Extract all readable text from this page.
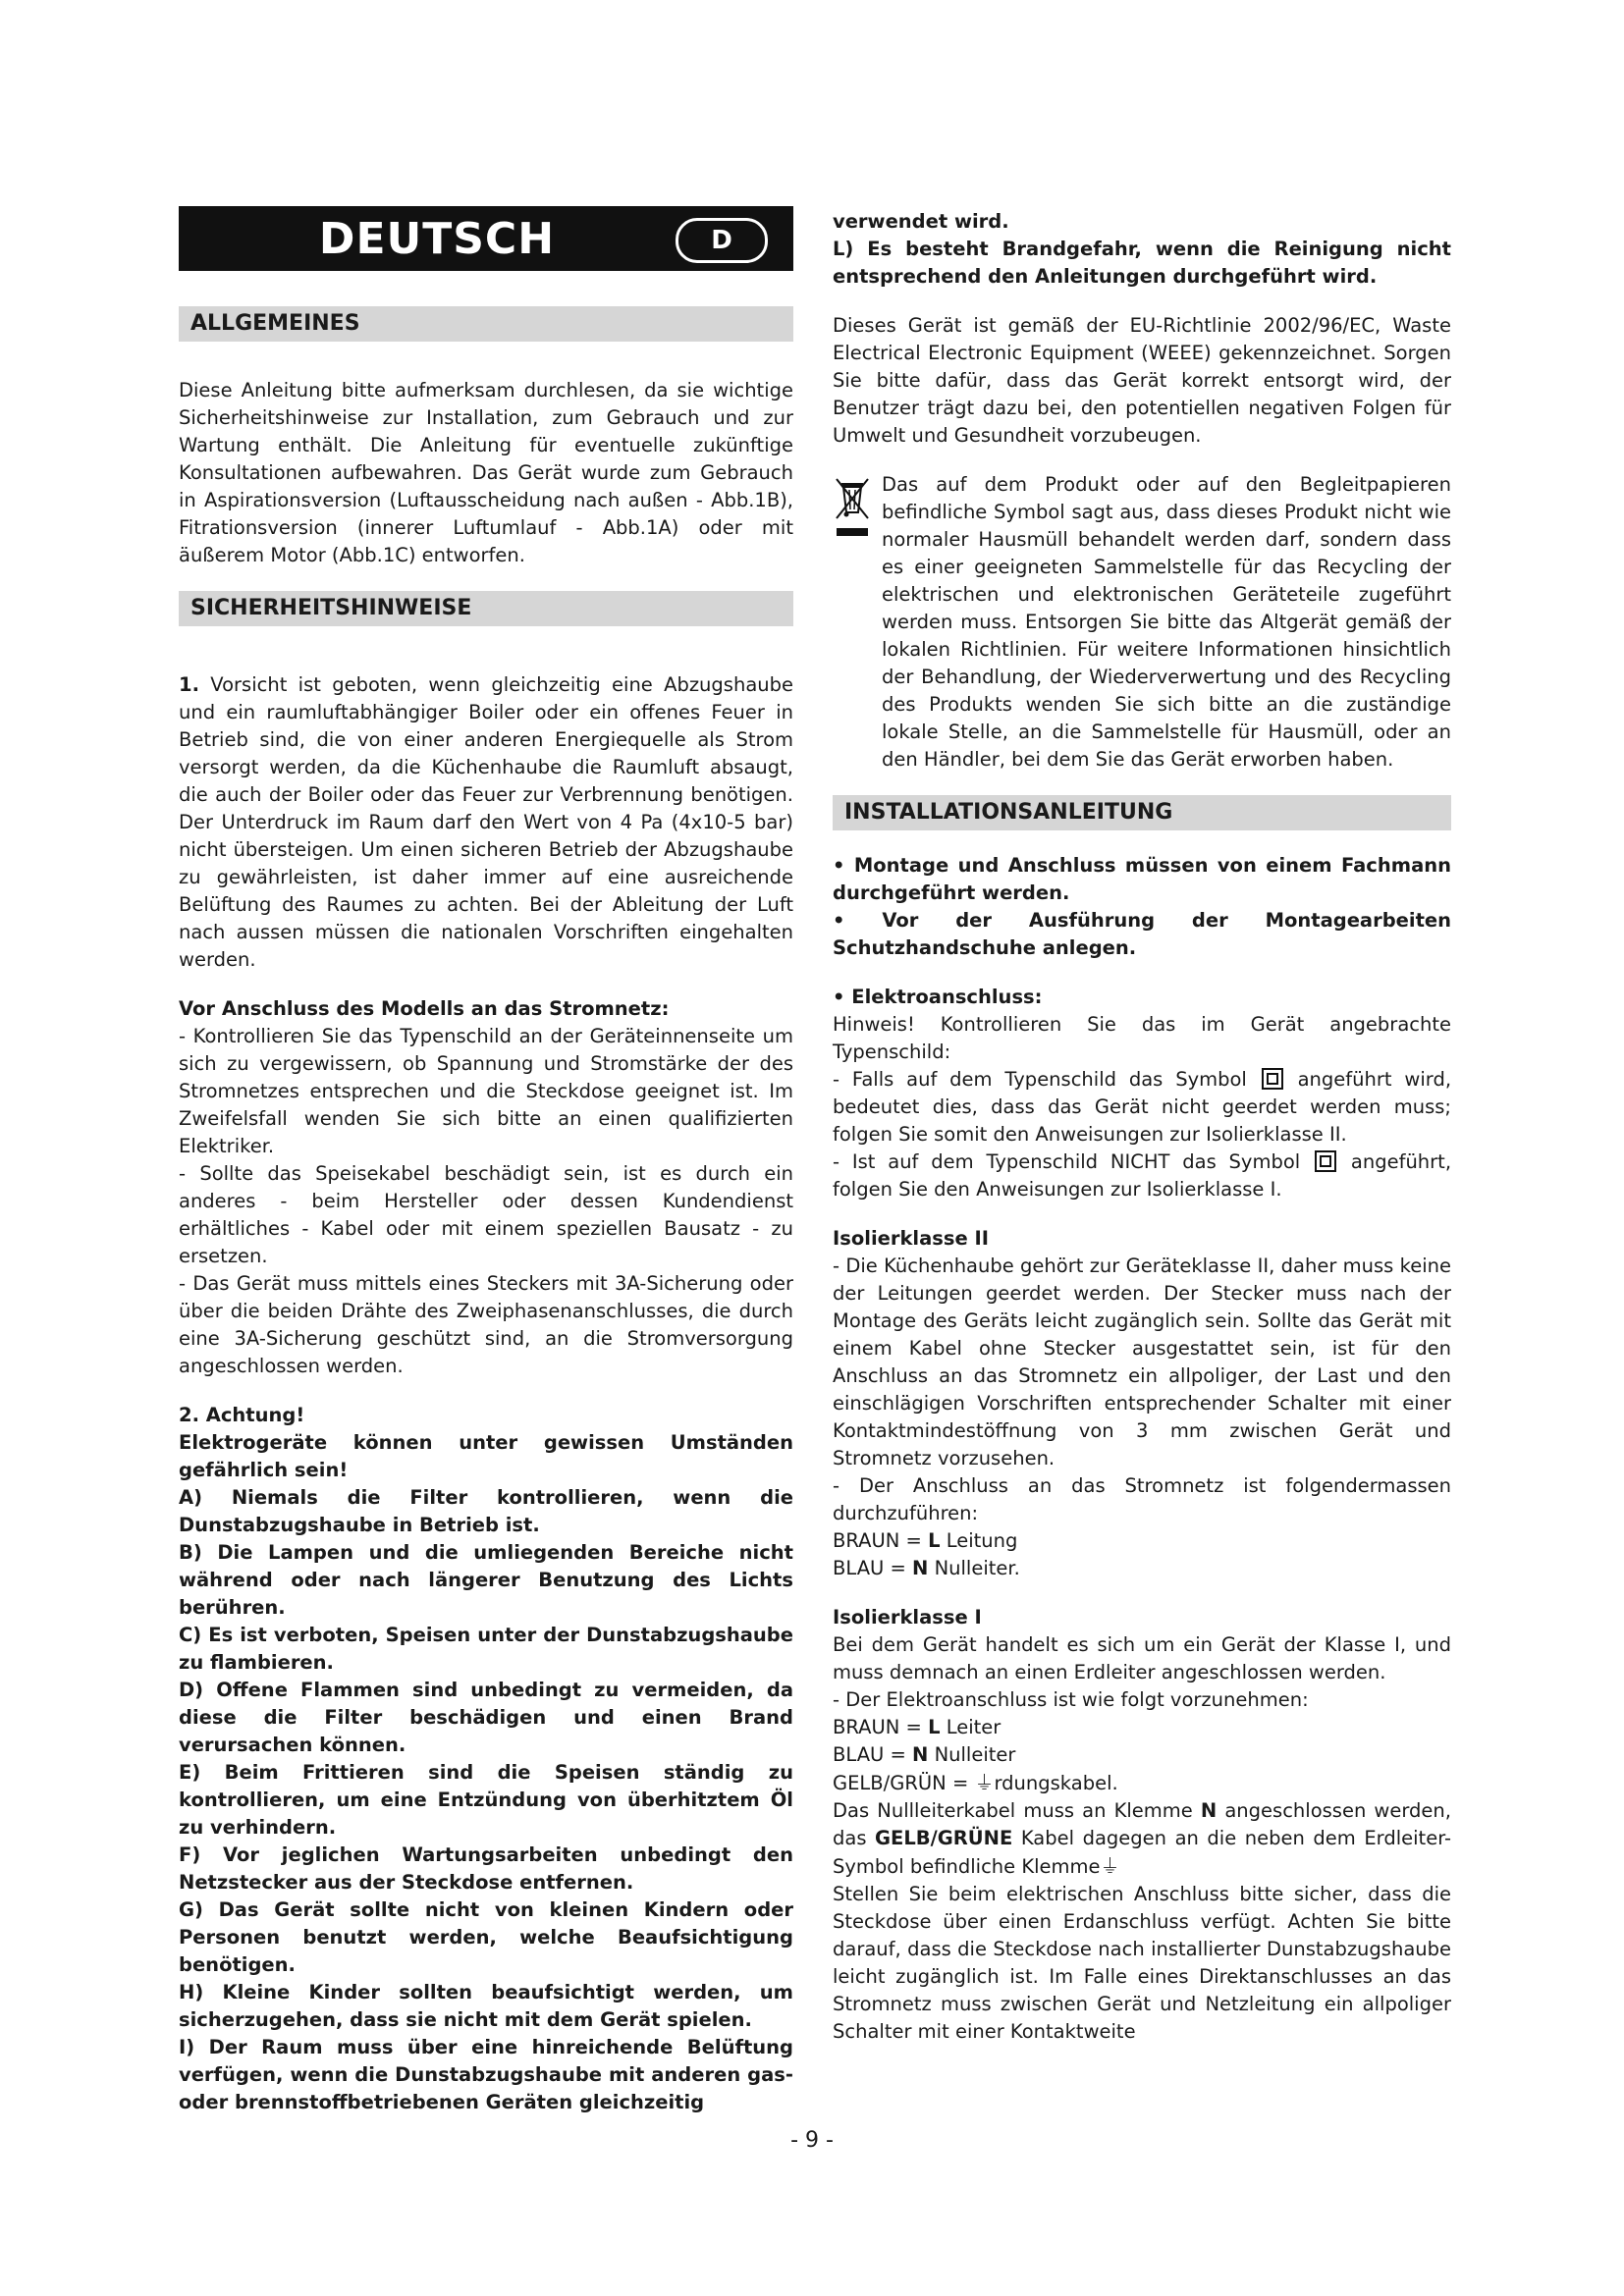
DEUTSCH	D
ALLGEMEINES

Diese Anleitung bitte aufmerksam durchlesen, da sie wichtige Sicherheitshinweise zur Installation, zum Gebrauch und zur Wartung enthält. Die Anleitung für eventuelle zukünftige Konsultationen aufbewahren. Das Gerät wurde zum Gebrauch in Aspirationsversion (Luftausscheidung nach außen - Abb.1B), Fitrationsversion (innerer Luftumlauf - Abb.1A) oder mit äußerem Motor (Abb.1C) entworfen.

SICHERHEITSHINWEISE

1. Vorsicht ist geboten, wenn gleichzeitig eine Abzugshaube und ein raumluftabhängiger Boiler oder ein offenes Feuer in Betrieb sind, die von einer anderen Energiequelle als Strom versorgt werden, da die Küchenhaube die Raumluft absaugt, die auch der Boiler oder das Feuer zur Verbrennung benötigen. Der Unterdruck im Raum darf den Wert von 4 Pa (4x10-5 bar) nicht übersteigen. Um einen sicheren Betrieb der Abzugshaube zu gewährleisten, ist daher immer auf eine ausreichende Belüftung des Raumes zu achten. Bei der Ableitung der Luft nach aussen müssen die nationalen Vorschriften eingehalten werden.

Vor Anschluss des Modells an das Stromnetz:

- Kontrollieren Sie das Typenschild an der Geräteinnenseite um sich zu vergewissern, ob Spannung und Stromstärke der des Stromnetzes entsprechen und die Steckdose geeignet ist. Im Zweifelsfall wenden Sie sich bitte an einen qualifizierten Elektriker.

- Sollte das Speisekabel beschädigt sein, ist es durch ein anderes - beim Hersteller oder dessen Kundendienst erhältliches - Kabel oder mit einem speziellen Bausatz - zu ersetzen.

- Das Gerät muss mittels eines Steckers mit 3A-Sicherung oder über die beiden Drähte des Zweiphasenanschlusses, die durch eine 3A-Sicherung geschützt sind, an die Stromversorgung angeschlossen werden.

2. Achtung!

Elektrogeräte können unter gewissen Umständen gefährlich sein!

A) Niemals die Filter kontrollieren, wenn die Dunstabzugshaube in Betrieb ist.

B) Die Lampen und die umliegenden Bereiche nicht während oder nach längerer Benutzung des Lichts berühren.

C) Es ist verboten, Speisen unter der Dunstabzugshaube zu flambieren.

D) Offene Flammen sind unbedingt zu vermeiden, da diese die Filter beschädigen und einen Brand verursachen können.

E) Beim Frittieren sind die Speisen ständig zu kontrollieren, um eine Entzündung von überhitztem Öl zu verhindern.

F) Vor jeglichen Wartungsarbeiten unbedingt den Netzstecker aus der Steckdose entfernen.

G) Das Gerät sollte nicht von kleinen Kindern oder Personen benutzt werden, welche Beaufsichtigung benötigen.

H) Kleine Kinder sollten beaufsichtigt werden, um sicherzugehen, dass sie nicht mit dem Gerät spielen.

I) Der Raum muss über eine hinreichende Belüftung verfügen, wenn die Dunstabzugshaube mit anderen gas- oder brennstoffbetriebenen Geräten gleichzeitig

verwendet wird.

L) Es besteht Brandgefahr, wenn die Reinigung nicht entsprechend den Anleitungen durchgeführt wird.

Dieses Gerät ist gemäß der EU-Richtlinie 2002/96/EC, Waste Electrical Electronic Equipment (WEEE) gekennzeichnet. Sorgen Sie bitte dafür, dass das Gerät korrekt entsorgt wird, der Benutzer trägt dazu bei, den potentiellen negativen Folgen für Umwelt und Gesundheit vorzubeugen.

Das auf dem Produkt oder auf den Begleitpapieren befindliche Symbol sagt aus, dass dieses Produkt nicht wie normaler Hausmüll behandelt werden darf, sondern dass es einer geeigneten Sammelstelle für das Recycling der elektrischen und elektronischen Geräteteile zugeführt werden muss. Entsorgen Sie bitte das Altgerät gemäß der lokalen Richtlinien. Für weitere Informationen hinsichtlich der Behandlung, der Wiederverwertung und des Recycling des Produkts wenden Sie sich bitte an die zuständige lokale Stelle, an die Sammelstelle für Hausmüll, oder an den Händler, bei dem Sie das Gerät erworben haben.

INSTALLATIONSANLEITUNG

• Montage und Anschluss müssen von einem Fachmann durchgeführt werden.

• Vor der Ausführung der Montagearbeiten Schutzhandschuhe anlegen.

• Elektroanschluss:

Hinweis! Kontrollieren Sie das im Gerät angebrachte Typenschild:

- Falls auf dem Typenschild das Symbol	angeführt wird, bedeutet dies, dass das Gerät nicht geerdet werden muss; folgen Sie somit den Anweisungen zur Isolierklasse II.

- Ist auf dem Typenschild NICHT das Symbol	angeführt, folgen Sie den Anweisungen zur Isolierklasse I.

Isolierklasse II

- Die Küchenhaube gehört zur Geräteklasse II, daher muss keine der Leitungen geerdet werden. Der Stecker muss nach der Montage des Geräts leicht zugänglich sein. Sollte das Gerät mit einem Kabel ohne Stecker ausgestattet sein, ist für den Anschluss an das Stromnetz ein allpoliger, der Last und den einschlägigen Vorschriften entsprechender Schalter mit einer Kontaktmindestöffnung von 3 mm zwischen Gerät und Stromnetz vorzusehen.

- Der Anschluss an das Stromnetz ist folgendermassen durchzuführen:

BRAUN = L Leitung

BLAU = N Nulleiter.

Isolierklasse I

Bei dem Gerät handelt es sich um ein Gerät der Klasse I, und muss demnach an einen Erdleiter angeschlossen werden.

- Der Elektroanschluss ist wie folgt vorzunehmen:

BRAUN = L Leiter

BLAU = N Nulleiter

GELB/GRÜN = ⏚rdungskabel.

Das Nullleiterkabel muss an Klemme N angeschlossen werden, das GELB/GRÜNE Kabel dagegen an die neben dem Erdleiter-Symbol befindliche Klemme⏚

Stellen Sie beim elektrischen Anschluss bitte sicher, dass die Steckdose über einen Erdanschluss verfügt. Achten Sie bitte darauf, dass die Steckdose nach installierter Dunstabzugshaube leicht zugänglich ist. Im Falle eines Direktanschlusses an das Stromnetz muss zwischen Gerät und Netzleitung ein allpoliger Schalter mit einer Kontaktweite

- 9 -
